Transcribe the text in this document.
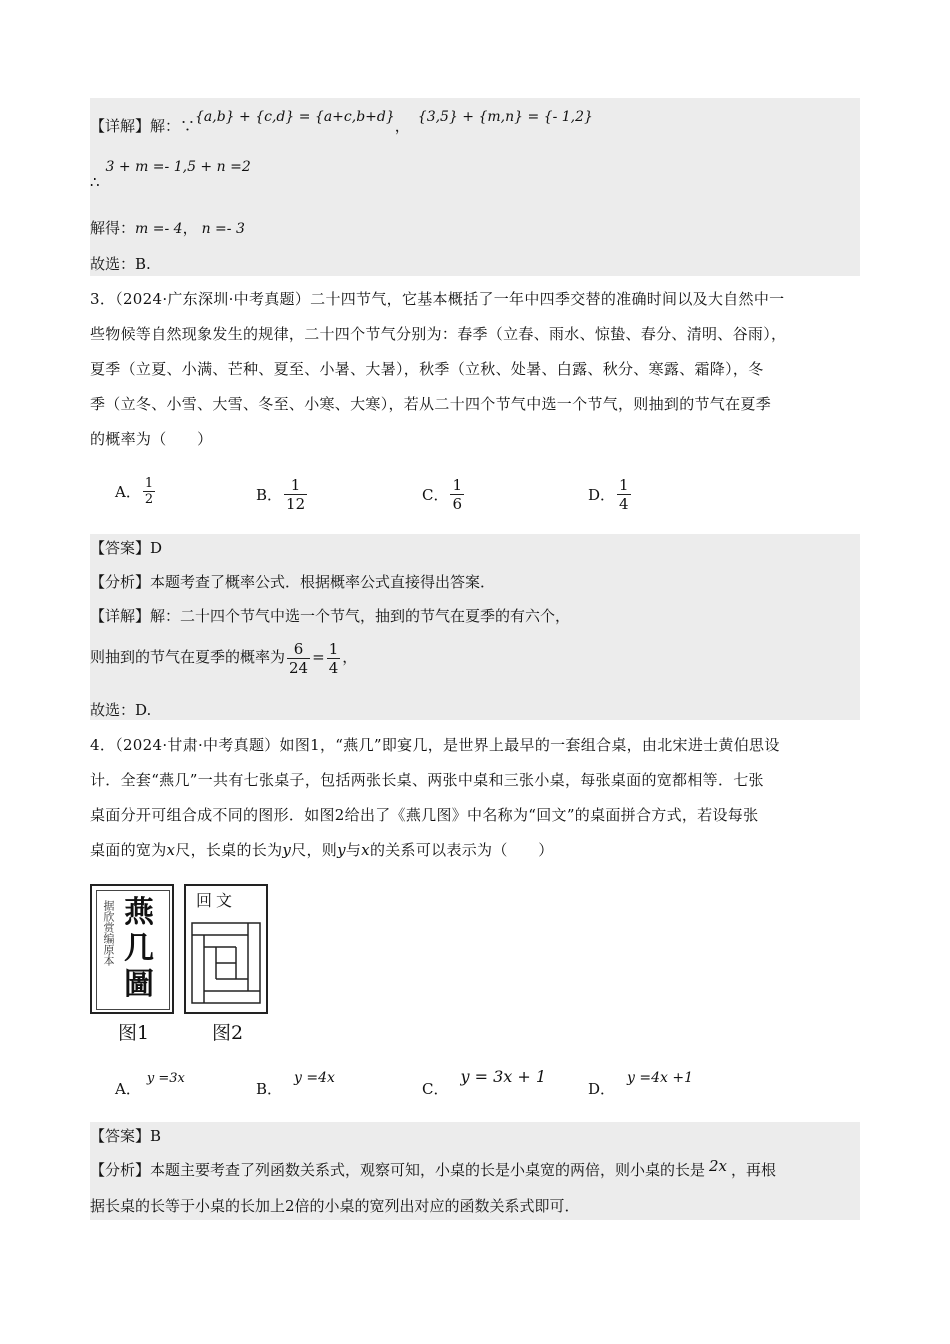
【详解】解：∵{a,b} + {c,d} = {a+c,b+d}， {3,5} + {m,n} = {- 1,2}
∴3 + m =- 1,5 + n =2
解得：m =- 4， n =- 3
故选：B.
3．（2024·广东深圳·中考真题）二十四节气，它基本概括了一年中四季交替的准确时间以及大自然中一
些物候等自然现象发生的规律，二十四个节气分别为：春季（立春、雨水、惊蛰、春分、清明、谷雨），
夏季（立夏、小满、芒种、夏至、小暑、大暑），秋季（立秋、处暑、白露、秋分、寒露、霜降），冬
季（立冬、小雪、大雪、冬至、小寒、大寒），若从二十四个节气中选一个节气，则抽到的节气在夏季
的概率为（　　）
A． $\frac{1}{2}$	B． $\frac{1}{12}$	C． $\frac{1}{6}$	D． $\frac{1}{4}$
【答案】D
【分析】本题考查了概率公式．根据概率公式直接得出答案．
【详解】解：二十四个节气中选一个节气，抽到的节气在夏季的有六个，
则抽到的节气在夏季的概率为 $\frac{6}{24} = \frac{1}{4}$ ，
故选：D.
4．（2024·甘肃·中考真题）如图1，“燕几”即宴几，是世界上最早的一套组合桌，由北宋进士黄伯思设
计．全套“燕几”一共有七张桌子，包括两张长桌、两张中桌和三张小桌，每张桌面的宽都相等．七张
桌面分开可组合成不同的图形．如图2给出了《燕几图》中名称为“回文”的桌面拼合方式，若设每张
桌面的宽为x尺，长桌的长为y尺，则y与x的关系可以表示为（　　）
据欣赏编原本 燕
几
圖
图1
回文
图2
A．y =3x
B．y =4x
C．y = 3x + 1
D．y =4x +1
【答案】B
【分析】本题主要考查了列函数关系式，观察可知，小桌的长是小桌宽的两倍，则小桌的长是 2x ，再根
据长桌的长等于小桌的长加上2倍的小桌的宽列出对应的函数关系式即可．
